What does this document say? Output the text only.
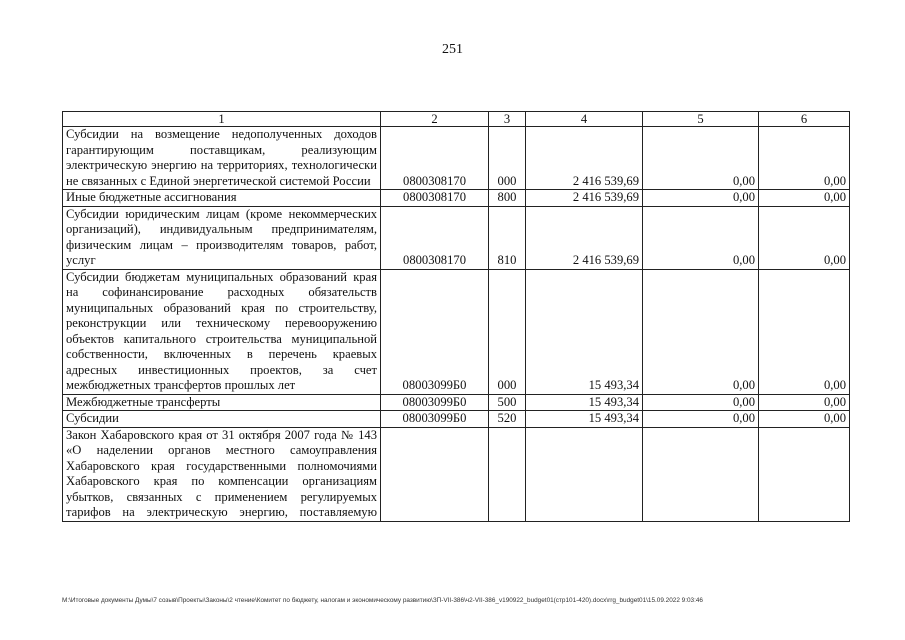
251
1	2	3	4	5	6
Субсидии на возмещение недополученных доходов гарантирующим поставщикам, реализующим электрическую энергию на территориях, технологически не связанных с Единой энергетической системой России	0800308170	000	2 416 539,69	0,00	0,00
Иные бюджетные ассигнования	0800308170	800	2 416 539,69	0,00	0,00
Субсидии юридическим лицам (кроме некоммерческих организаций), индивидуальным предпринимателям, физическим лицам – производителям товаров, работ, услуг	0800308170	810	2 416 539,69	0,00	0,00
Субсидии бюджетам муниципальных образований края на софинансирование расходных обязательств муниципальных образований края по строительству, реконструкции или техническому перевооружению объектов капитального строительства муниципальной собственности, включенных в перечень краевых адресных инвестиционных проектов, за счет межбюджетных трансфертов прошлых лет	08003099Б0	000	15 493,34	0,00	0,00
Межбюджетные трансферты	08003099Б0	500	15 493,34	0,00	0,00
Субсидии	08003099Б0	520	15 493,34	0,00	0,00
Закон Хабаровского края от 31 октября 2007 года № 143 «О наделении органов местного самоуправления Хабаровского края государственными полномочиями Хабаровского края по компенсации организациям убытков, связанных с применением регулируемых тарифов на электрическую энергию, поставляемую					
M:\Итоговые документы Думы\7 созыв\Проекты\Законы\2 чтение\Комитет по бюджету, налогам и экономическому развитию\ЗП-VII-386\ч2-VII-386_v190922_budget01(стр101-420).docx\rrg_budget01\15.09.2022 9:03:46
